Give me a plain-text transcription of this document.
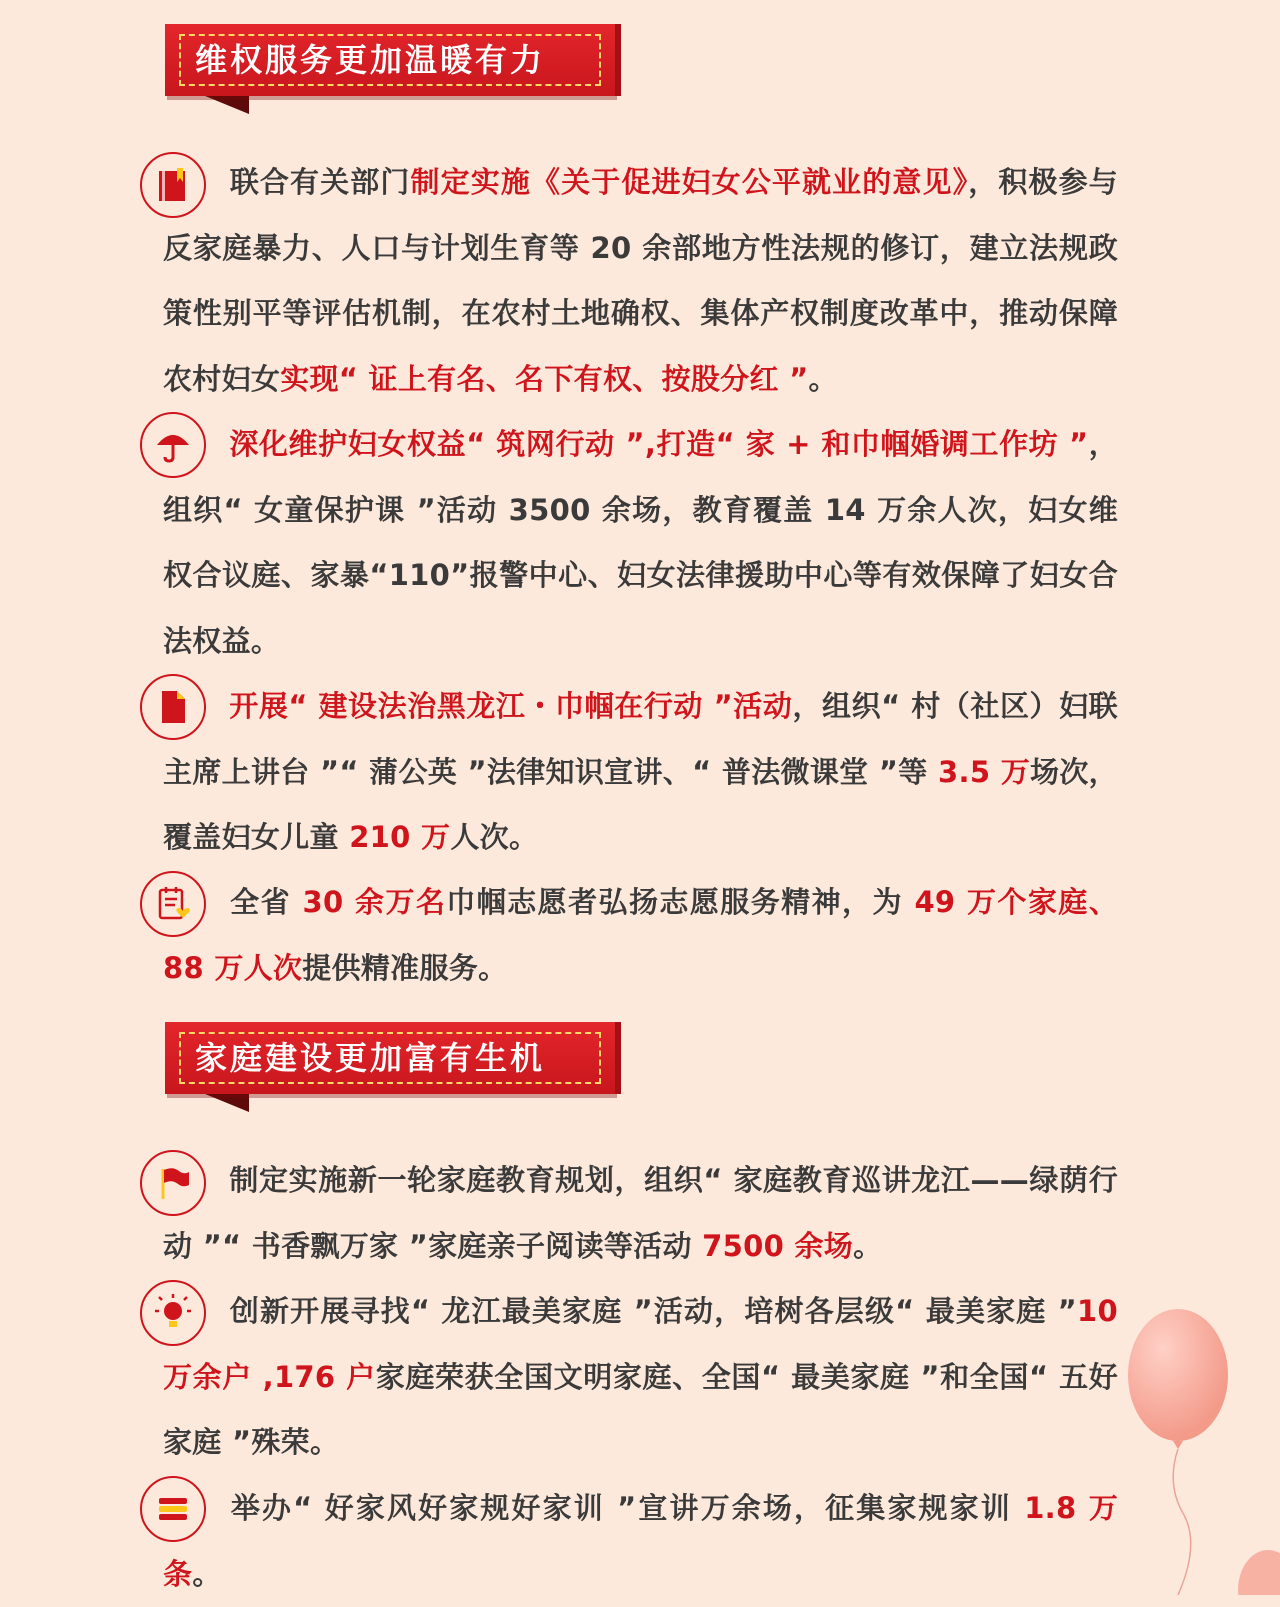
维权服务更加温暖有力
联合有关部门制定实施《关于促进妇女公平就业的意见》，积极参与反家庭暴力、人口与计划生育等 20 余部地方性法规的修订，建立法规政策性别平等评估机制，在农村土地确权、集体产权制度改革中，推动保障农村妇女实现“ 证上有名、名下有权、按股分红 ”。
深化维护妇女权益“ 筑网行动 ”,打造“ 家 + 和巾帼婚调工作坊 ”，组织“ 女童保护课 ”活动 3500 余场，教育覆盖 14 万余人次，妇女维权合议庭、家暴“110”报警中心、妇女法律援助中心等有效保障了妇女合法权益。
开展“ 建设法治黑龙江・巾帼在行动 ”活动，组织“ 村（社区）妇联主席上讲台 ”“ 蒲公英 ”法律知识宣讲、“ 普法微课堂 ”等 3.5 万场次，覆盖妇女儿童 210 万人次。
全省 30 余万名巾帼志愿者弘扬志愿服务精神，为 49 万个家庭、88 万人次提供精准服务。
家庭建设更加富有生机
制定实施新一轮家庭教育规划，组织“ 家庭教育巡讲龙江——绿荫行动 ”“ 书香飘万家 ”家庭亲子阅读等活动 7500 余场。
创新开展寻找“ 龙江最美家庭 ”活动，培树各层级“ 最美家庭 ”10 万余户 ,176 户家庭荣获全国文明家庭、全国“ 最美家庭 ”和全国“ 五好家庭 ”殊荣。
举办“ 好家风好家规好家训 ”宣讲万余场，征集家规家训 1.8 万条。
